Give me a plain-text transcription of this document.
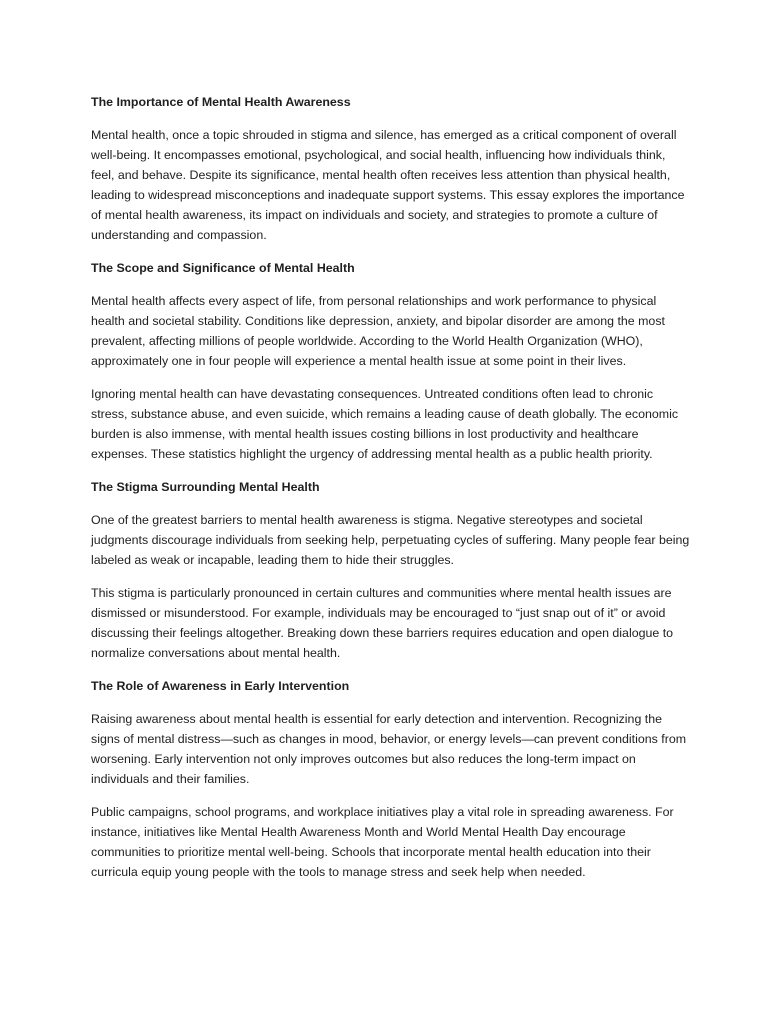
The Importance of Mental Health Awareness

Mental health, once a topic shrouded in stigma and silence, has emerged as a critical component of overall well-being. It encompasses emotional, psychological, and social health, influencing how individuals think, feel, and behave. Despite its significance, mental health often receives less attention than physical health, leading to widespread misconceptions and inadequate support systems. This essay explores the importance of mental health awareness, its impact on individuals and society, and strategies to promote a culture of understanding and compassion.

The Scope and Significance of Mental Health

Mental health affects every aspect of life, from personal relationships and work performance to physical health and societal stability. Conditions like depression, anxiety, and bipolar disorder are among the most prevalent, affecting millions of people worldwide. According to the World Health Organization (WHO), approximately one in four people will experience a mental health issue at some point in their lives.

Ignoring mental health can have devastating consequences. Untreated conditions often lead to chronic stress, substance abuse, and even suicide, which remains a leading cause of death globally. The economic burden is also immense, with mental health issues costing billions in lost productivity and healthcare expenses. These statistics highlight the urgency of addressing mental health as a public health priority.

The Stigma Surrounding Mental Health

One of the greatest barriers to mental health awareness is stigma. Negative stereotypes and societal judgments discourage individuals from seeking help, perpetuating cycles of suffering. Many people fear being labeled as weak or incapable, leading them to hide their struggles.

This stigma is particularly pronounced in certain cultures and communities where mental health issues are dismissed or misunderstood. For example, individuals may be encouraged to “just snap out of it” or avoid discussing their feelings altogether. Breaking down these barriers requires education and open dialogue to normalize conversations about mental health.

The Role of Awareness in Early Intervention

Raising awareness about mental health is essential for early detection and intervention. Recognizing the signs of mental distress—such as changes in mood, behavior, or energy levels—can prevent conditions from worsening. Early intervention not only improves outcomes but also reduces the long-term impact on individuals and their families.

Public campaigns, school programs, and workplace initiatives play a vital role in spreading awareness. For instance, initiatives like Mental Health Awareness Month and World Mental Health Day encourage communities to prioritize mental well-being. Schools that incorporate mental health education into their curricula equip young people with the tools to manage stress and seek help when needed.
